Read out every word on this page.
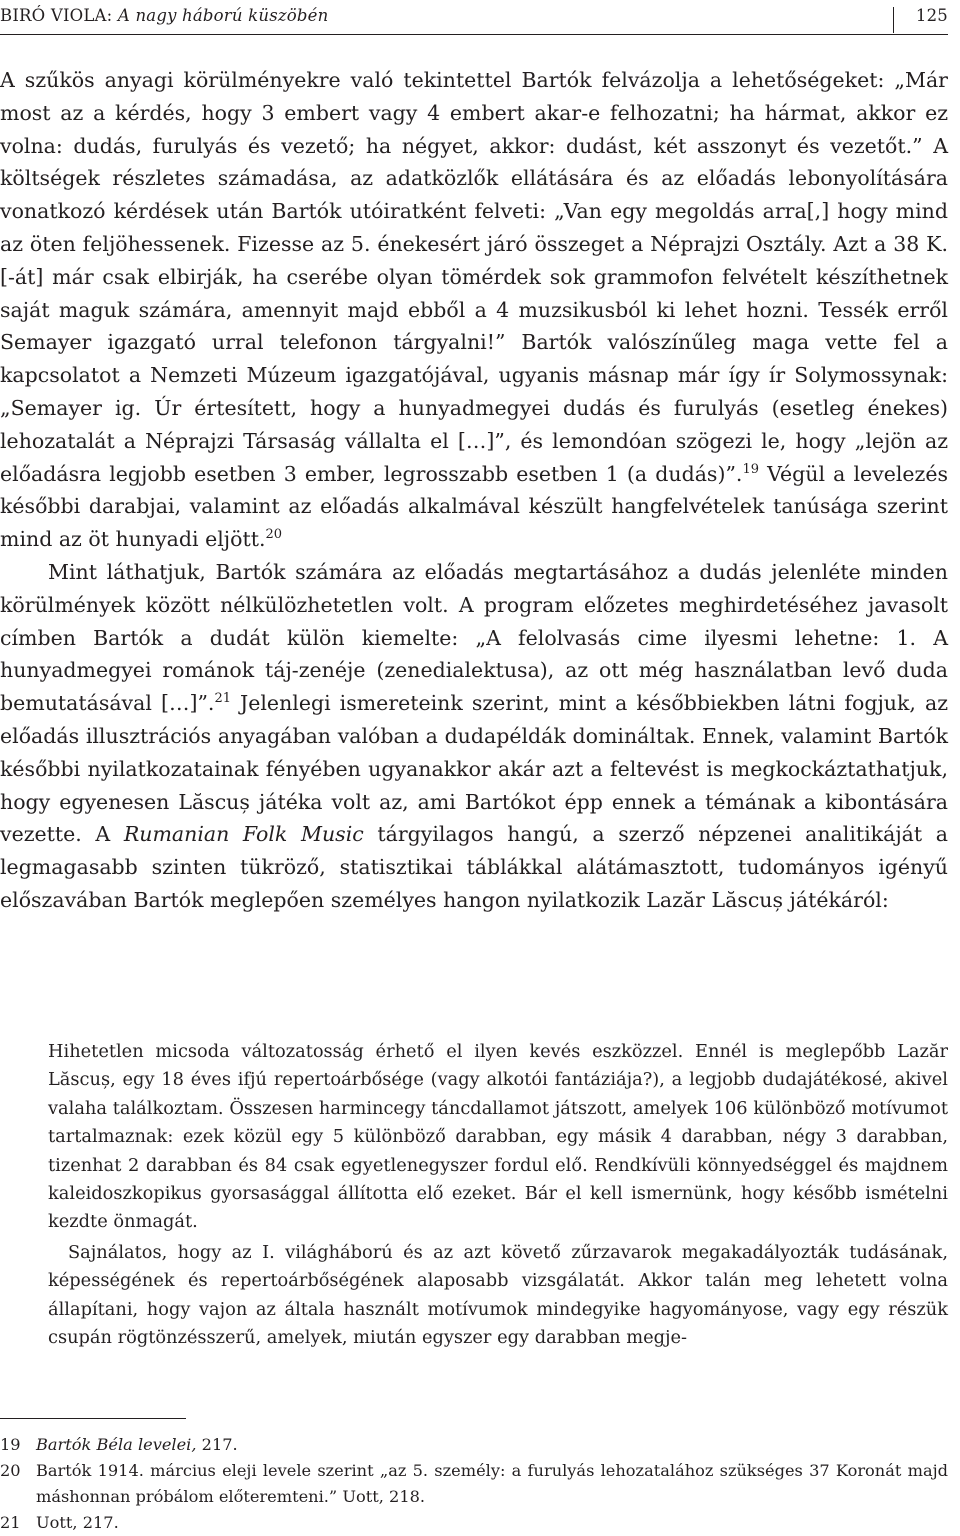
BIRÓ VIOLA: A nagy háború küszöbén	125

A szűkös anyagi körülményekre való tekintettel Bartók felvázolja a lehetőségeket: „Már most az a kérdés, hogy 3 embert vagy 4 embert akar-e felhozatni; ha hármat, akkor ez volna: dudás, furulyás és vezető; ha négyet, akkor: dudást, két asszonyt és vezetőt.” A költségek részletes számadása, az adatközlők ellátására és az előadás lebonyolítására vonatkozó kérdések után Bartók utóiratként felveti: „Van egy megoldás arra[,] hogy mind az öten feljöhessenek. Fizesse az 5. énekesért járó összeget a Néprajzi Osztály. Azt a 38 K.[-át] már csak elbirják, ha cserébe olyan tömérdek sok grammofon felvételt készíthetnek saját maguk számára, amennyit majd ebből a 4 muzsikusból ki lehet hozni. Tessék erről Semayer igazgató urral telefonon tárgyalni!” Bartók valószínűleg maga vette fel a kapcsolatot a Nemzeti Múzeum igazgatójával, ugyanis másnap már így ír Solymossynak: „Semayer ig. Úr értesített, hogy a hunyadmegyei dudás és furulyás (esetleg énekes) lehozatalát a Néprajzi Társaság vállalta el […]”, és lemondóan szögezi le, hogy „lejön az előadásra legjobb esetben 3 ember, legrosszabb esetben 1 (a dudás)”.$^{19}$ Végül a levelezés későbbi darabjai, valamint az előadás alkalmával készült hangfelvételek tanúsága szerint mind az öt hunyadi eljött.$^{20}$

Mint láthatjuk, Bartók számára az előadás megtartásához a dudás jelenléte minden körülmények között nélkülözhetetlen volt. A program előzetes meghirdetéséhez javasolt címben Bartók a dudát külön kiemelte: „A felolvasás cime ilyesmi lehetne: 1. A hunyadmegyei románok táj-zenéje (zenedialektusa), az ott még használatban levő duda bemutatásával […]”.$^{21}$ Jelenlegi ismereteink szerint, mint a későbbiekben látni fogjuk, az előadás illusztrációs anyagában valóban a dudapéldák domináltak. Ennek, valamint Bartók későbbi nyilatkozatainak fényében ugyanakkor akár azt a feltevést is megkockáztathatjuk, hogy egyenesen Lăscuș játéka volt az, ami Bartókot épp ennek a témának a kibontására vezette. A Rumanian Folk Music tárgyilagos hangú, a szerző népzenei analitikáját a legmagasabb szinten tükröző, statisztikai táblákkal alátámasztott, tudományos igényű előszavában Bartók meglepően személyes hangon nyilatkozik Lazăr Lăscuș játékáról:

Hihetetlen micsoda változatosság érhető el ilyen kevés eszközzel. Ennél is meglepőbb Lazăr Lăscuș, egy 18 éves ifjú repertoárbősége (vagy alkotói fantáziája?), a legjobb dudajátékosé, akivel valaha találkoztam. Összesen harmincegy táncdallamot játszott, amelyek 106 különböző motívumot tartalmaznak: ezek közül egy 5 különböző darabban, egy másik 4 darabban, négy 3 darabban, tizenhat 2 darabban és 84 csak egyetlenegyszer fordul elő. Rendkívüli könnyedséggel és majdnem kaleidoszkopikus gyorsasággal állította elő ezeket. Bár el kell ismernünk, hogy később ismételni kezdte önmagát.

Sajnálatos, hogy az I. világháború és az azt követő zűrzavarok megakadályozták tudásának, képességének és repertoárbőségének alaposabb vizsgálatát. Akkor talán meg lehetett volna állapítani, hogy vajon az általa használt motívumok mindegyike hagyományose, vagy egy részük csupán rögtönzésszerű, amelyek, miután egyszer egy darabban megje-

19 Bartók Béla levelei, 217.
20 Bartók 1914. március eleji levele szerint „az 5. személy: a furulyás lehozatalához szükséges 37 Koronát majd máshonnan próbálom előteremteni.” Uott, 218.
21 Uott, 217.
